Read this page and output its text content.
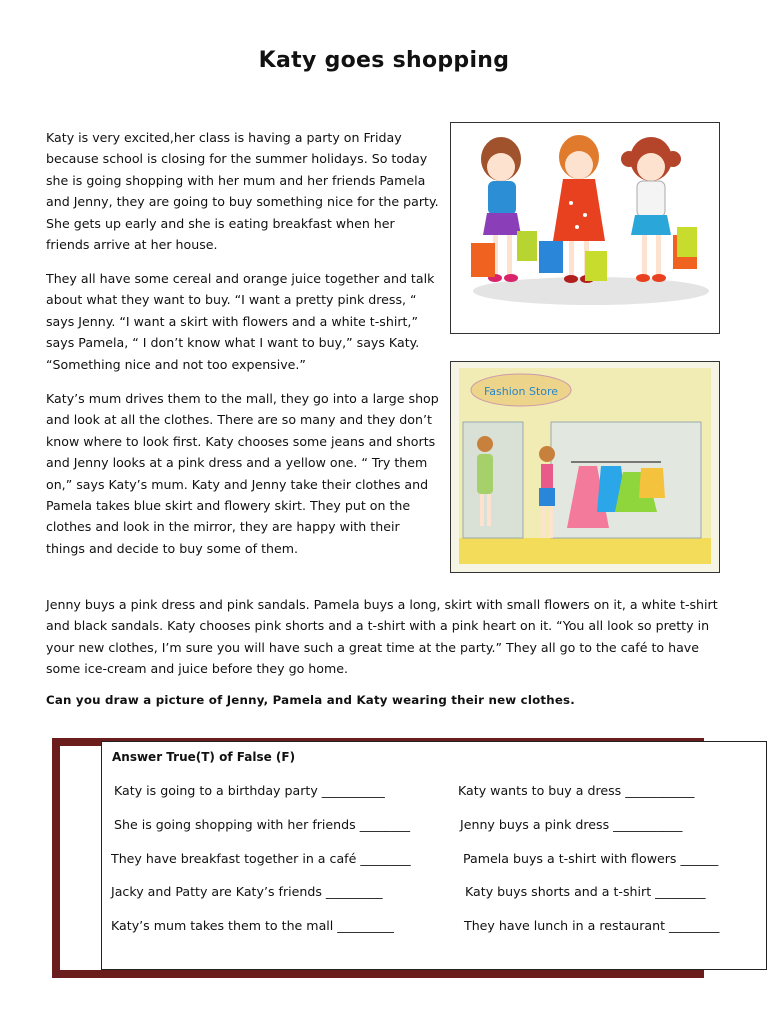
Katy goes shopping

Katy is very excited,her class is having a party on Friday because school is closing for the summer holidays. So today she is going shopping with her mum and her friends Pamela and Jenny, they are going to buy something nice for the party. She gets up early and she is eating breakfast when her friends arrive at her house.

They all have some cereal and orange juice together and talk about what they want to buy. “I want a pretty pink dress, “ says Jenny. “I want a skirt with flowers and a white t-shirt,” says Pamela, “ I don’t know what I want to buy,” says Katy. “Something nice and not too expensive.”

Katy’s mum drives them to the mall, they go into a large shop and look at all the clothes. There are so many and they don’t know where to look first. Katy chooses some jeans and shorts and Jenny looks at a pink dress and a yellow one. “ Try them on,” says Katy’s mum. Katy and Jenny take their clothes and Pamela takes blue skirt and flowery skirt. They put on the clothes and look in the mirror, they are happy with their things and decide to buy some of them.

Jenny buys a pink dress and pink sandals. Pamela buys a long, skirt with small flowers on it, a white t-shirt and black sandals. Katy chooses pink shorts and a t-shirt with a pink heart on it. “You all look so pretty in your new clothes, I’m sure you will have such a great time at the party.” They all go to the café to have some ice-cream and juice before they go home.

Can you draw a picture of Jenny, Pamela and Katy wearing their new clothes.
Fashion Store
Answer True(T) of False (F)
Katy is going to a birthday party __________
She is going shopping with her friends ________
They have breakfast together in a café ________
Jacky and Patty are Katy’s friends _________
Katy’s mum takes them to the mall _________
Katy wants to buy a dress ___________
Jenny buys a pink dress ___________
Pamela buys a t-shirt with flowers ______
Katy buys shorts and a t-shirt ________
They have lunch in a restaurant ________
